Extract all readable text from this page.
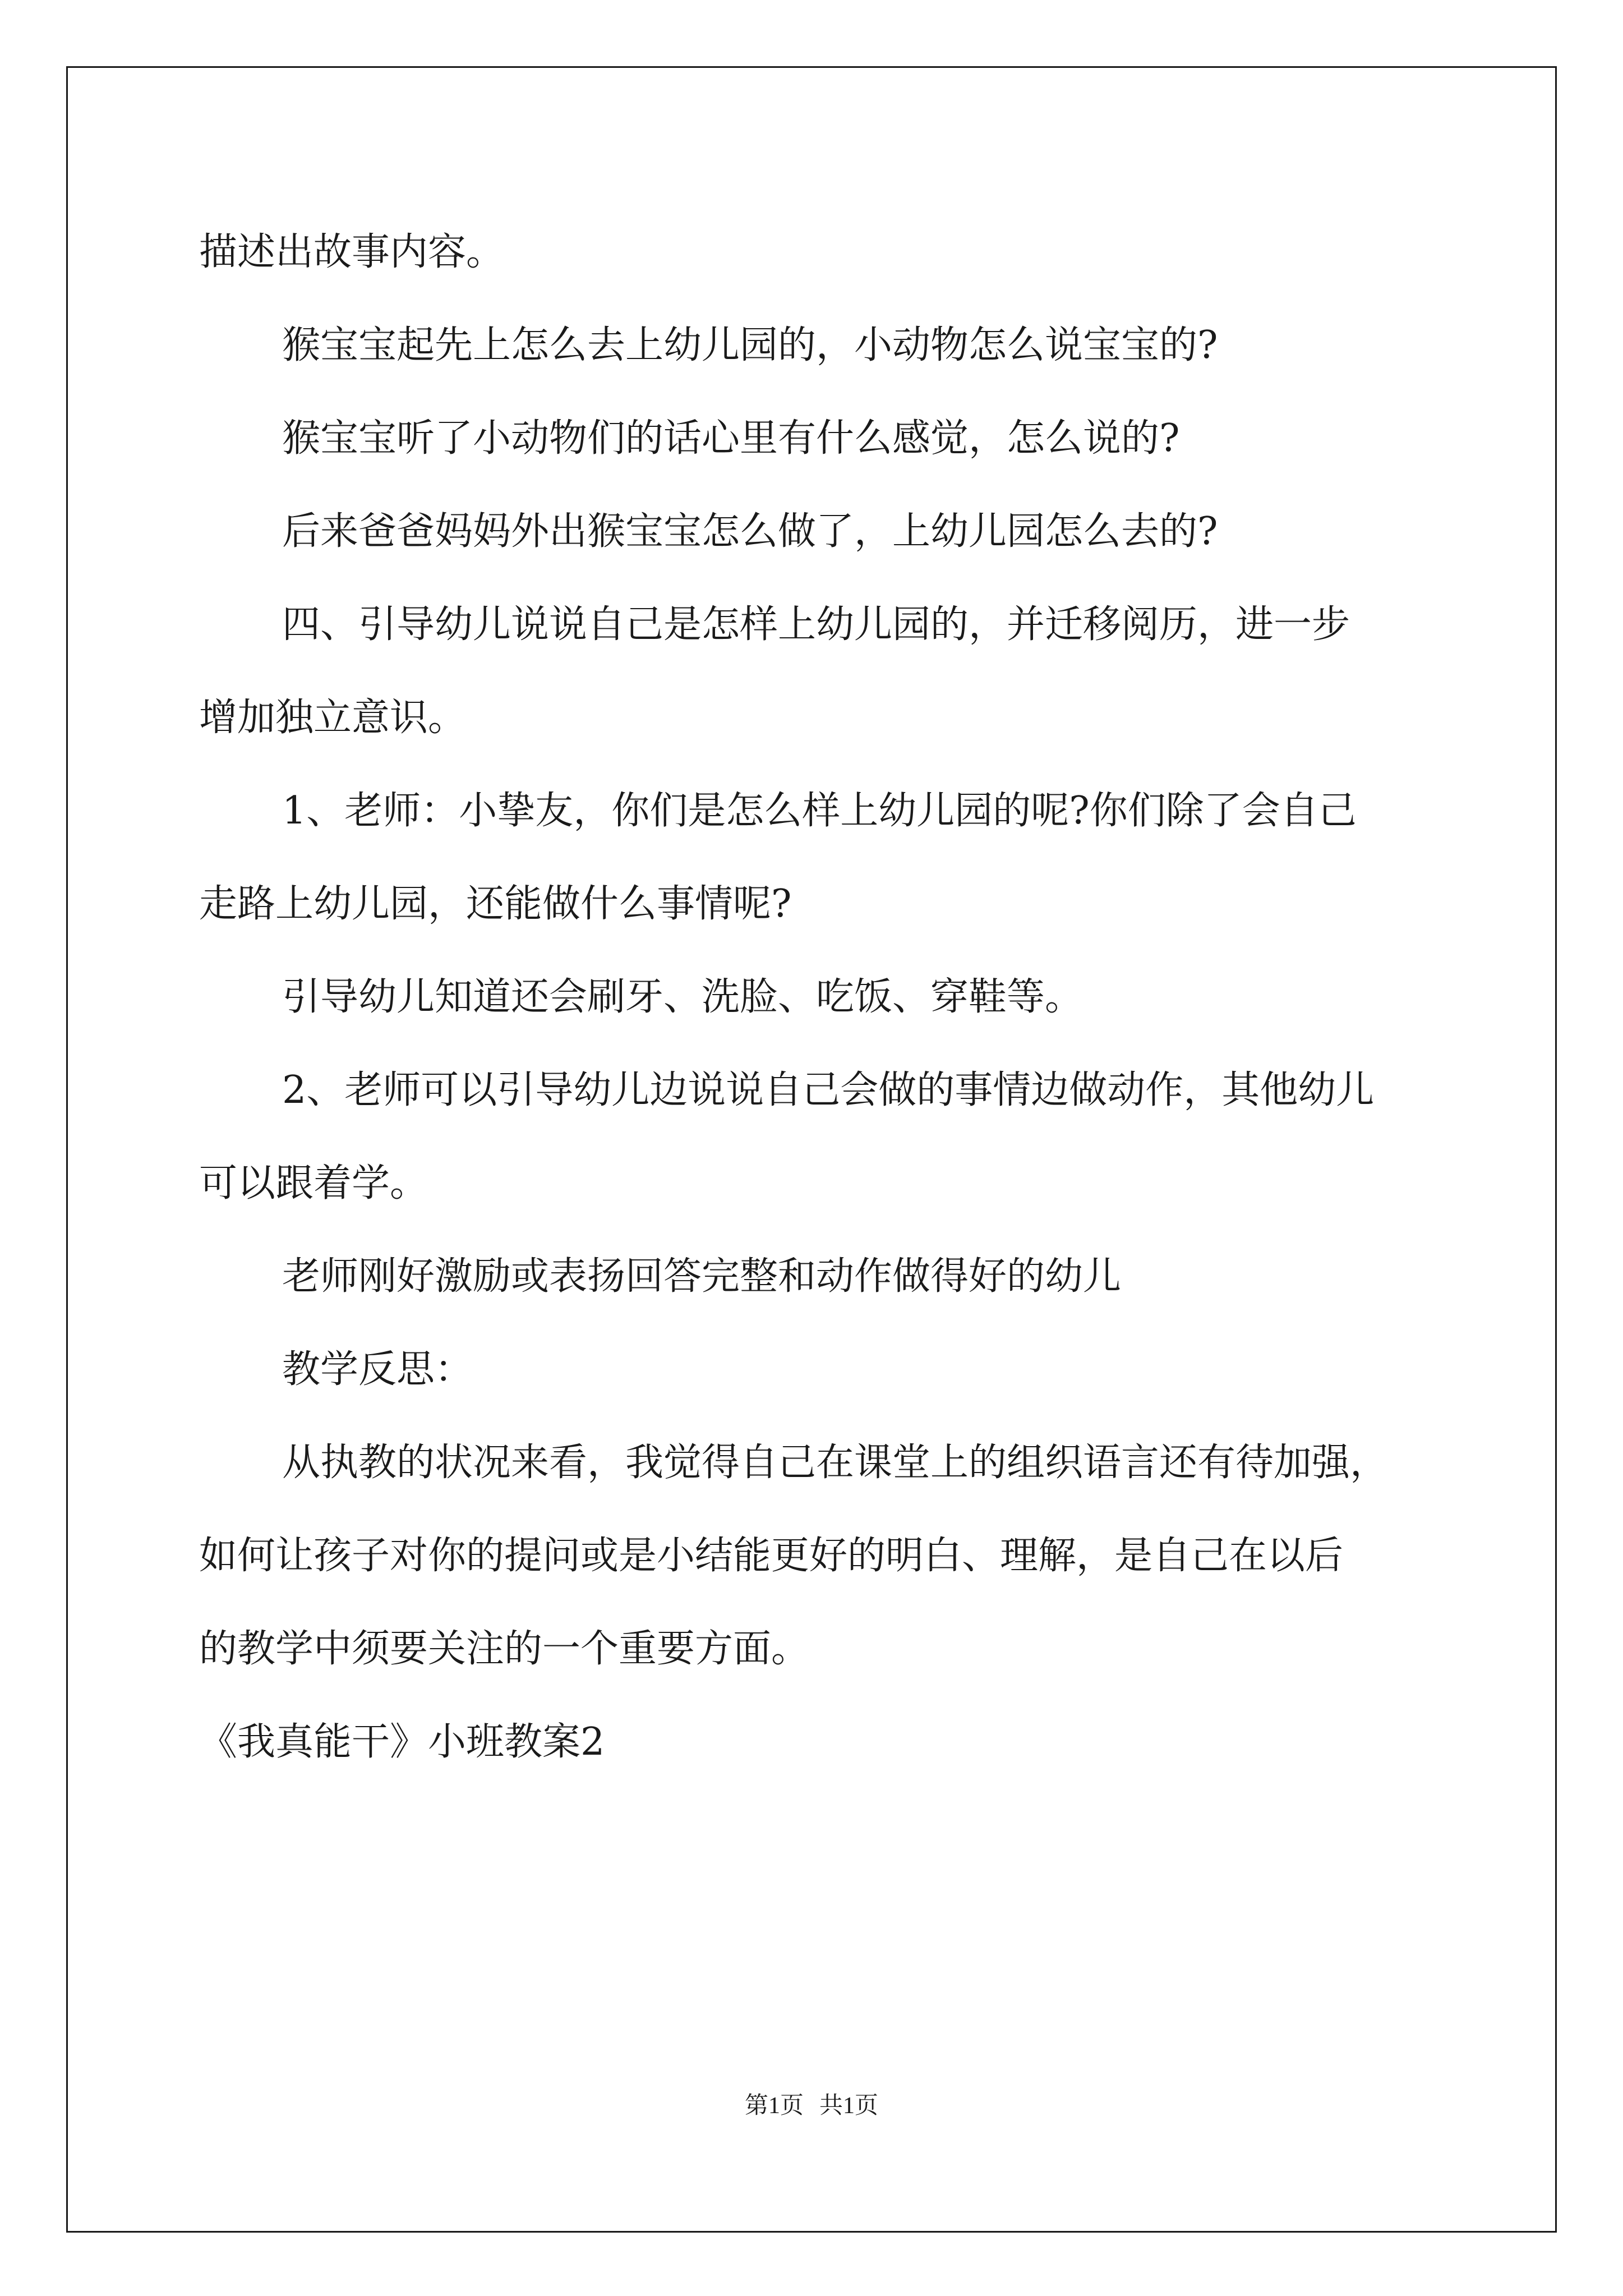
描述出故事内容。
猴宝宝起先上怎么去上幼儿园的，小动物怎么说宝宝的?
猴宝宝听了小动物们的话心里有什么感觉，怎么说的?
后来爸爸妈妈外出猴宝宝怎么做了，上幼儿园怎么去的?
四、引导幼儿说说自己是怎样上幼儿园的，并迁移阅历，进一步
增加独立意识。
1、老师：小挚友，你们是怎么样上幼儿园的呢?你们除了会自己
走路上幼儿园，还能做什么事情呢?
引导幼儿知道还会刷牙、洗脸、吃饭、穿鞋等。
2、老师可以引导幼儿边说说自己会做的事情边做动作，其他幼儿
可以跟着学。
老师刚好激励或表扬回答完整和动作做得好的幼儿
教学反思：
从执教的状况来看，我觉得自己在课堂上的组织语言还有待加强，
如何让孩子对你的提问或是小结能更好的明白、理解，是自己在以后
的教学中须要关注的一个重要方面。
《我真能干》小班教案2
第1页 共1页
